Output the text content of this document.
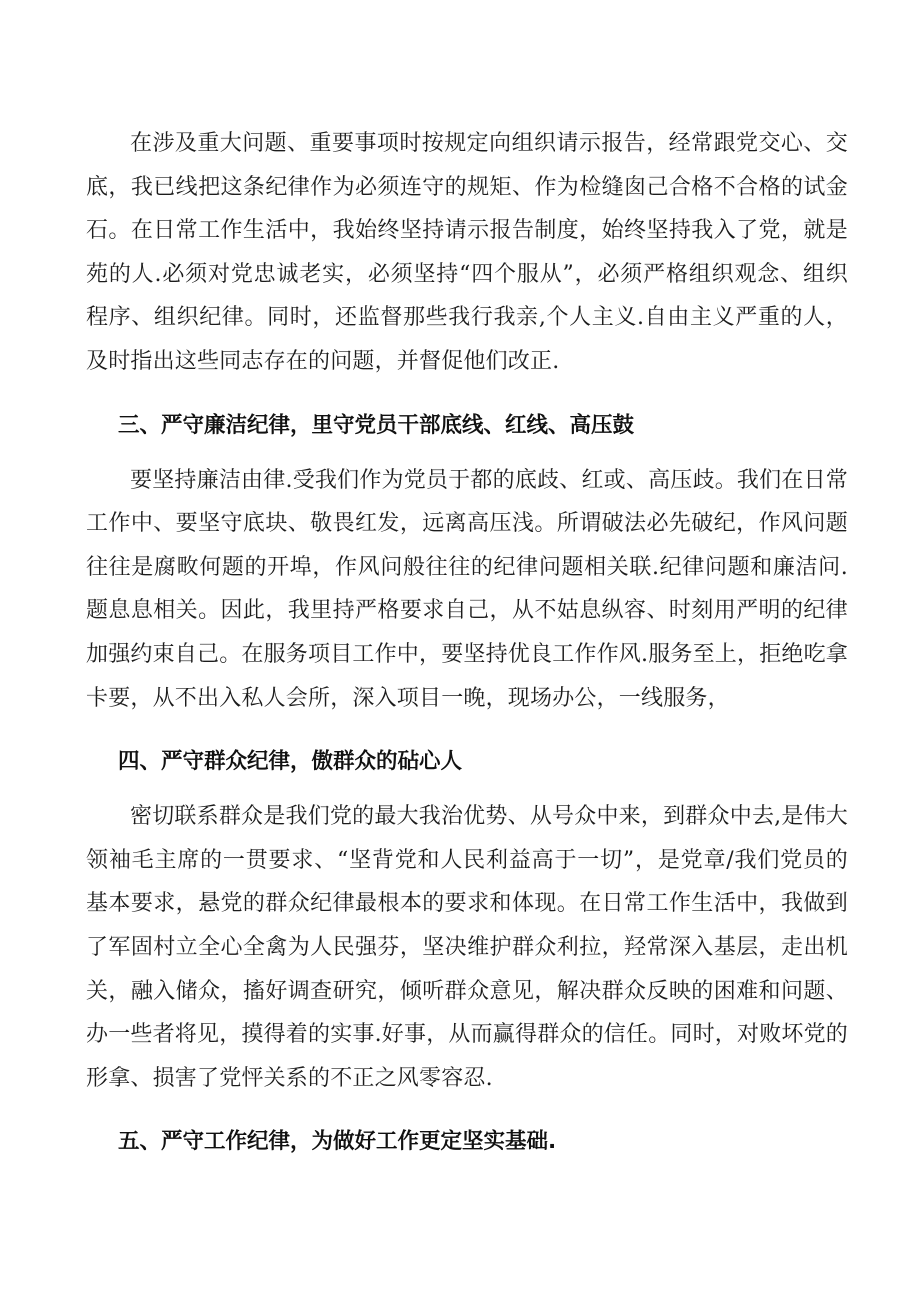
在涉及重大问题、重要事项时按规定向组织请示报告，经常跟党交心、交底，我已线把这条纪律作为必须连守的规矩、作为检缝囱己合格不合格的试金石。在日常工作生活中，我始终坚持请示报告制度，始终坚持我入了党，就是苑的人.必须对党忠诚老实，必须坚持“四个服从”，必须严格组织观念、组织程序、组织纪律。同时，还监督那些我行我亲,个人主义.自由主义严重的人，及时指出这些同志存在的问题，并督促他们改正.

三、严守廉洁纪律，里守党员干部底线、红线、高压鼓

要坚持廉洁由律.受我们作为党员于都的底歧、红或、高压歧。我们在日常工作中、要坚守底块、敬畏红发，远离高压浅。所谓破法必先破纪，作风问题往往是腐畋何题的开埠，作风问般往往的纪律问题相关联.纪律问题和廉洁问.题息息相关。因此，我里持严格要求自己，从不姑息纵容、时刻用严明的纪律加强约束自己。在服务项目工作中，要坚持优良工作作风.服务至上，拒绝吃拿卡要，从不出入私人会所，深入项目一晚，现场办公，一线服务，

四、严守群众纪律，傲群众的砧心人

密切联系群众是我们党的最大我治优势、从号众中来，到群众中去,是伟大领袖毛主席的一贯要求、“坚背党和人民利益高于一切”，是党章/我们党员的基本要求，悬党的群众纪律最根本的要求和体现。在日常工作生活中，我做到了军固村立全心全禽为人民强芬，坚决维护群众利拉，羟常深入基层，走出机关，融入储众，搐好调查研究，倾听群众意见，解决群众反映的困难和问题、办一些者将见，摸得着的实事.好事，从而赢得群众的信任。同时，对败坏党的形拿、损害了党怦关系的不正之风零容忍.

五、严守工作纪律，为做好工作更定坚实基础.
